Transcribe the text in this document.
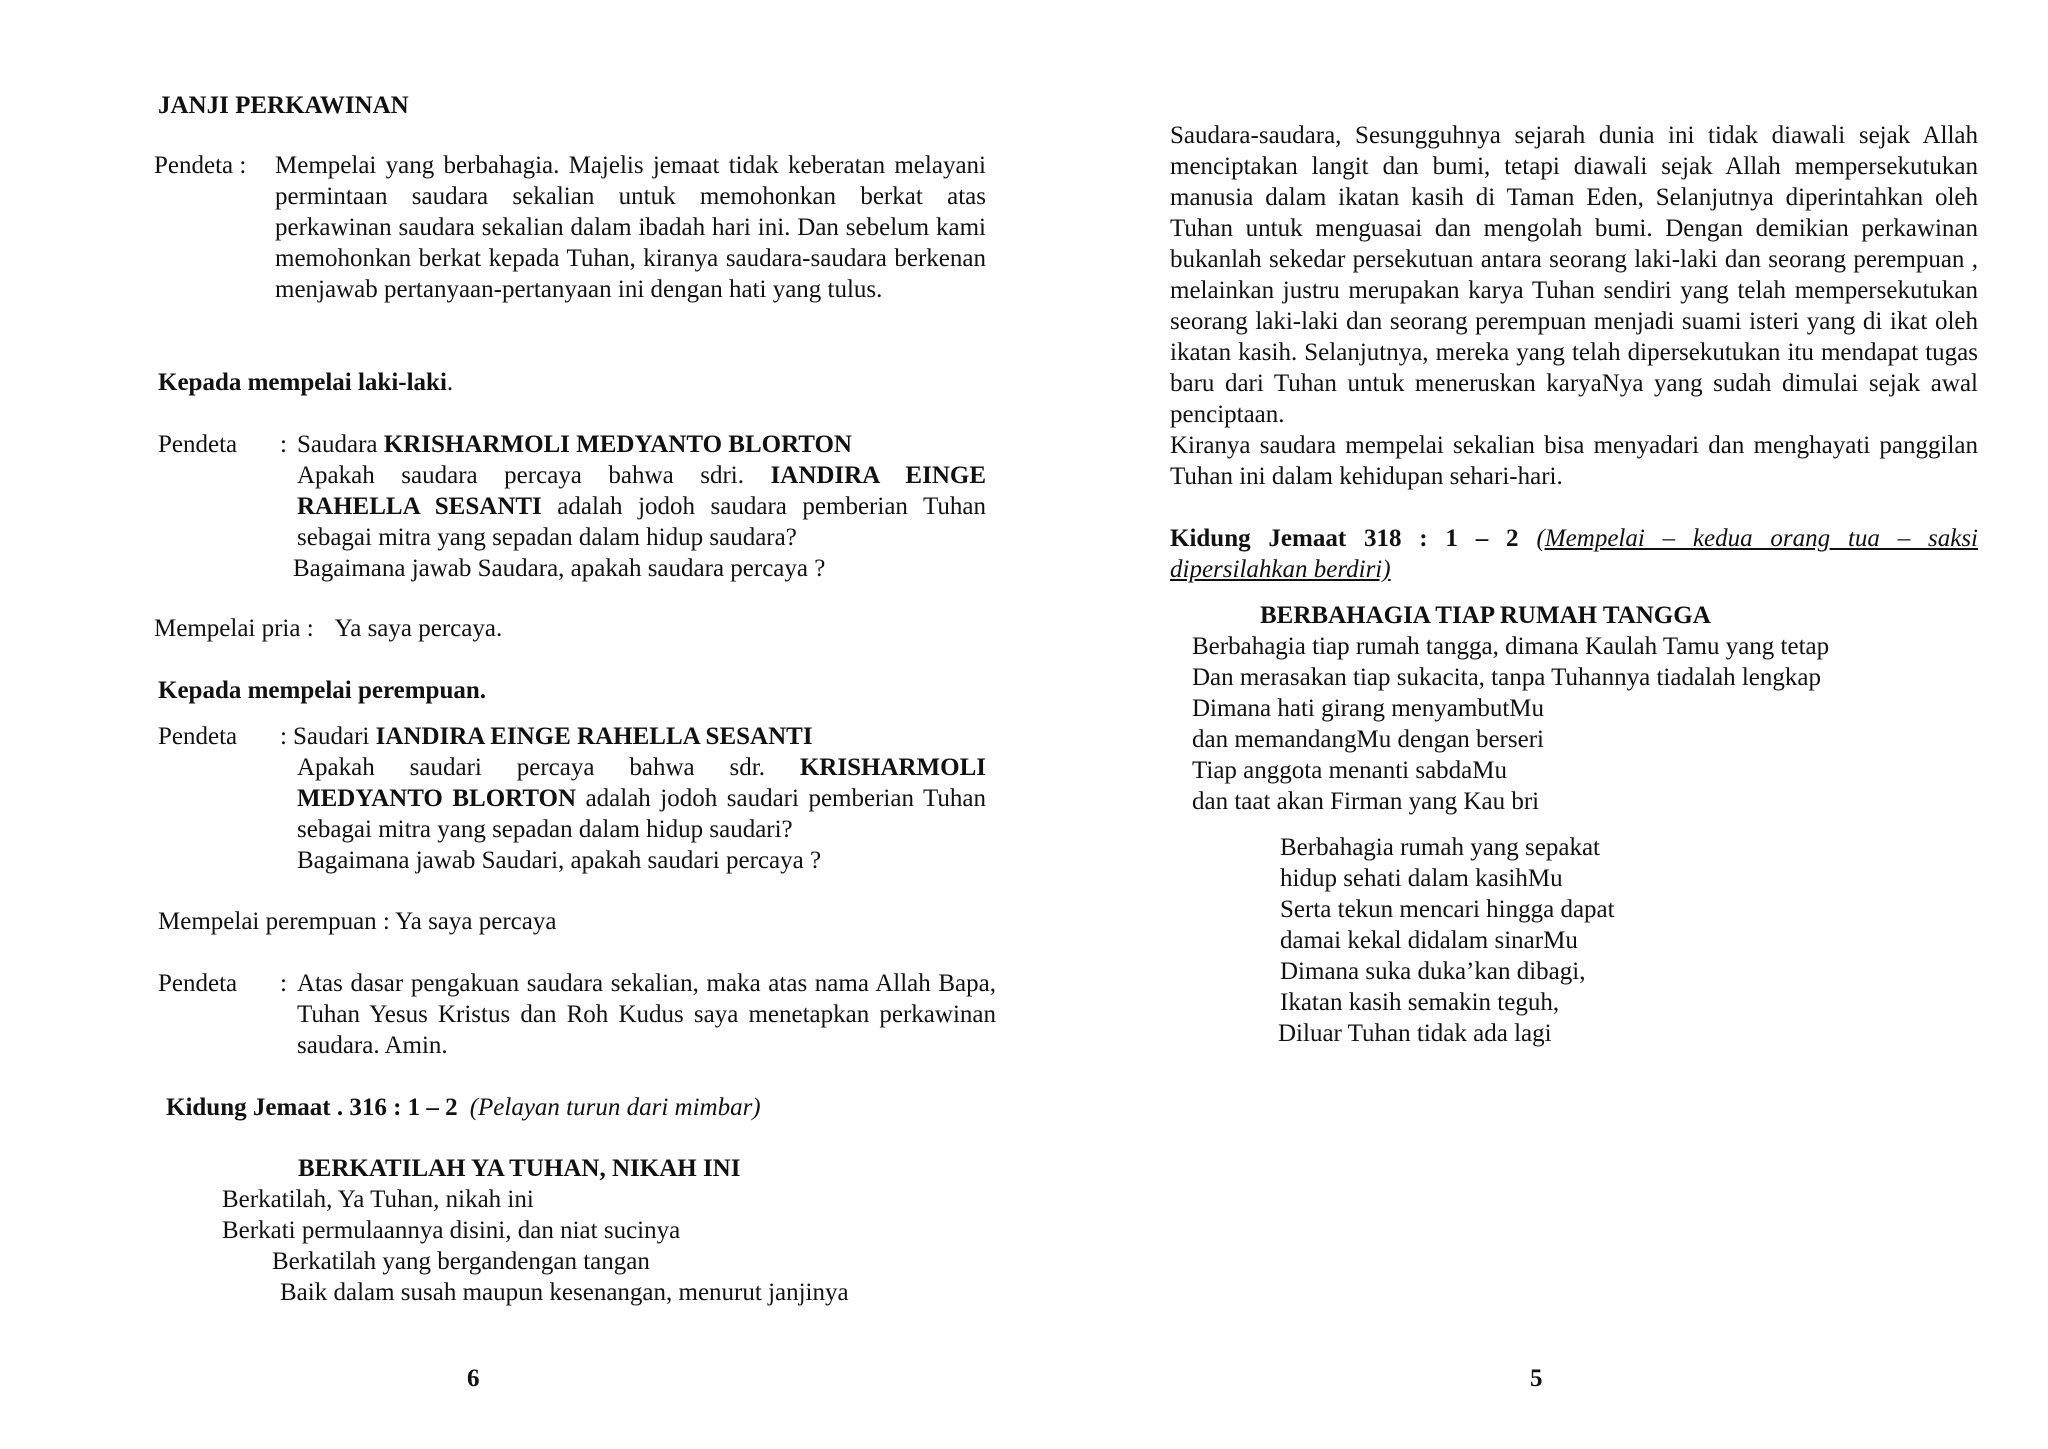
JANJI PERKAWINAN
Pendeta :	Mempelai yang berbahagia. Majelis jemaat tidak keberatan melayani permintaan saudara sekalian untuk memohonkan berkat atas perkawinan saudara sekalian dalam ibadah hari ini. Dan sebelum kami memohonkan berkat kepada Tuhan, kiranya saudara-saudara berkenan menjawab pertanyaan-pertanyaan ini dengan hati yang tulus.
Kepada mempelai laki-laki.
Pendeta	: Saudara KRISHARMOLI MEDYANTO BLORTON
Apakah saudara percaya bahwa sdri. IANDIRA EINGE RAHELLA SESANTI adalah jodoh saudara pemberian Tuhan sebagai mitra yang sepadan dalam hidup saudara?
Bagaimana jawab Saudara, apakah saudara percaya ?
Mempelai pria : Ya saya percaya.
Kepada mempelai perempuan.
Pendeta	: Saudari IANDIRA EINGE RAHELLA SESANTI
Apakah saudari percaya bahwa sdr. KRISHARMOLI MEDYANTO BLORTON adalah jodoh saudari pemberian Tuhan sebagai mitra yang sepadan dalam hidup saudari?
Bagaimana jawab Saudari, apakah saudari percaya ?
Mempelai perempuan : Ya saya percaya
Pendeta	: Atas dasar pengakuan saudara sekalian, maka atas nama Allah Bapa, Tuhan Yesus Kristus dan Roh Kudus saya menetapkan perkawinan saudara. Amin.
Kidung Jemaat . 316 : 1 – 2 (Pelayan turun dari mimbar)
BERKATILAH YA TUHAN, NIKAH INI
Berkatilah, Ya Tuhan, nikah ini
Berkati permulaannya disini, dan niat sucinya
Berkatilah yang bergandengan tangan
Baik dalam susah maupun kesenangan, menurut janjinya
6
Saudara-saudara, Sesungguhnya sejarah dunia ini tidak diawali sejak Allah menciptakan langit dan bumi, tetapi diawali sejak Allah mempersekutukan manusia dalam ikatan kasih di Taman Eden, Selanjutnya diperintahkan oleh Tuhan untuk menguasai dan mengolah bumi. Dengan demikian perkawinan bukanlah sekedar persekutuan antara seorang laki-laki dan seorang perempuan , melainkan justru merupakan karya Tuhan sendiri yang telah mempersekutukan seorang laki-laki dan seorang perempuan menjadi suami isteri yang di ikat oleh ikatan kasih. Selanjutnya, mereka yang telah dipersekutukan itu mendapat tugas baru dari Tuhan untuk meneruskan karyaNya yang sudah dimulai sejak awal penciptaan.
Kiranya saudara mempelai sekalian bisa menyadari dan menghayati panggilan Tuhan ini dalam kehidupan sehari-hari.
Kidung Jemaat 318 : 1 – 2 (Mempelai – kedua orang tua – saksi dipersilahkan berdiri)
BERBAHAGIA TIAP RUMAH TANGGA
Berbahagia tiap rumah tangga, dimana Kaulah Tamu yang tetap
Dan merasakan tiap sukacita, tanpa Tuhannya tiadalah lengkap
Dimana hati girang menyambutMu
dan memandangMu dengan berseri
Tiap anggota menanti sabdaMu
dan taat akan Firman yang Kau bri
Berbahagia rumah yang sepakat
hidup sehati dalam kasihMu
Serta tekun mencari hingga dapat
damai kekal didalam sinarMu
Dimana suka duka’kan dibagi,
Ikatan kasih semakin teguh,
Diluar Tuhan tidak ada lagi
5
